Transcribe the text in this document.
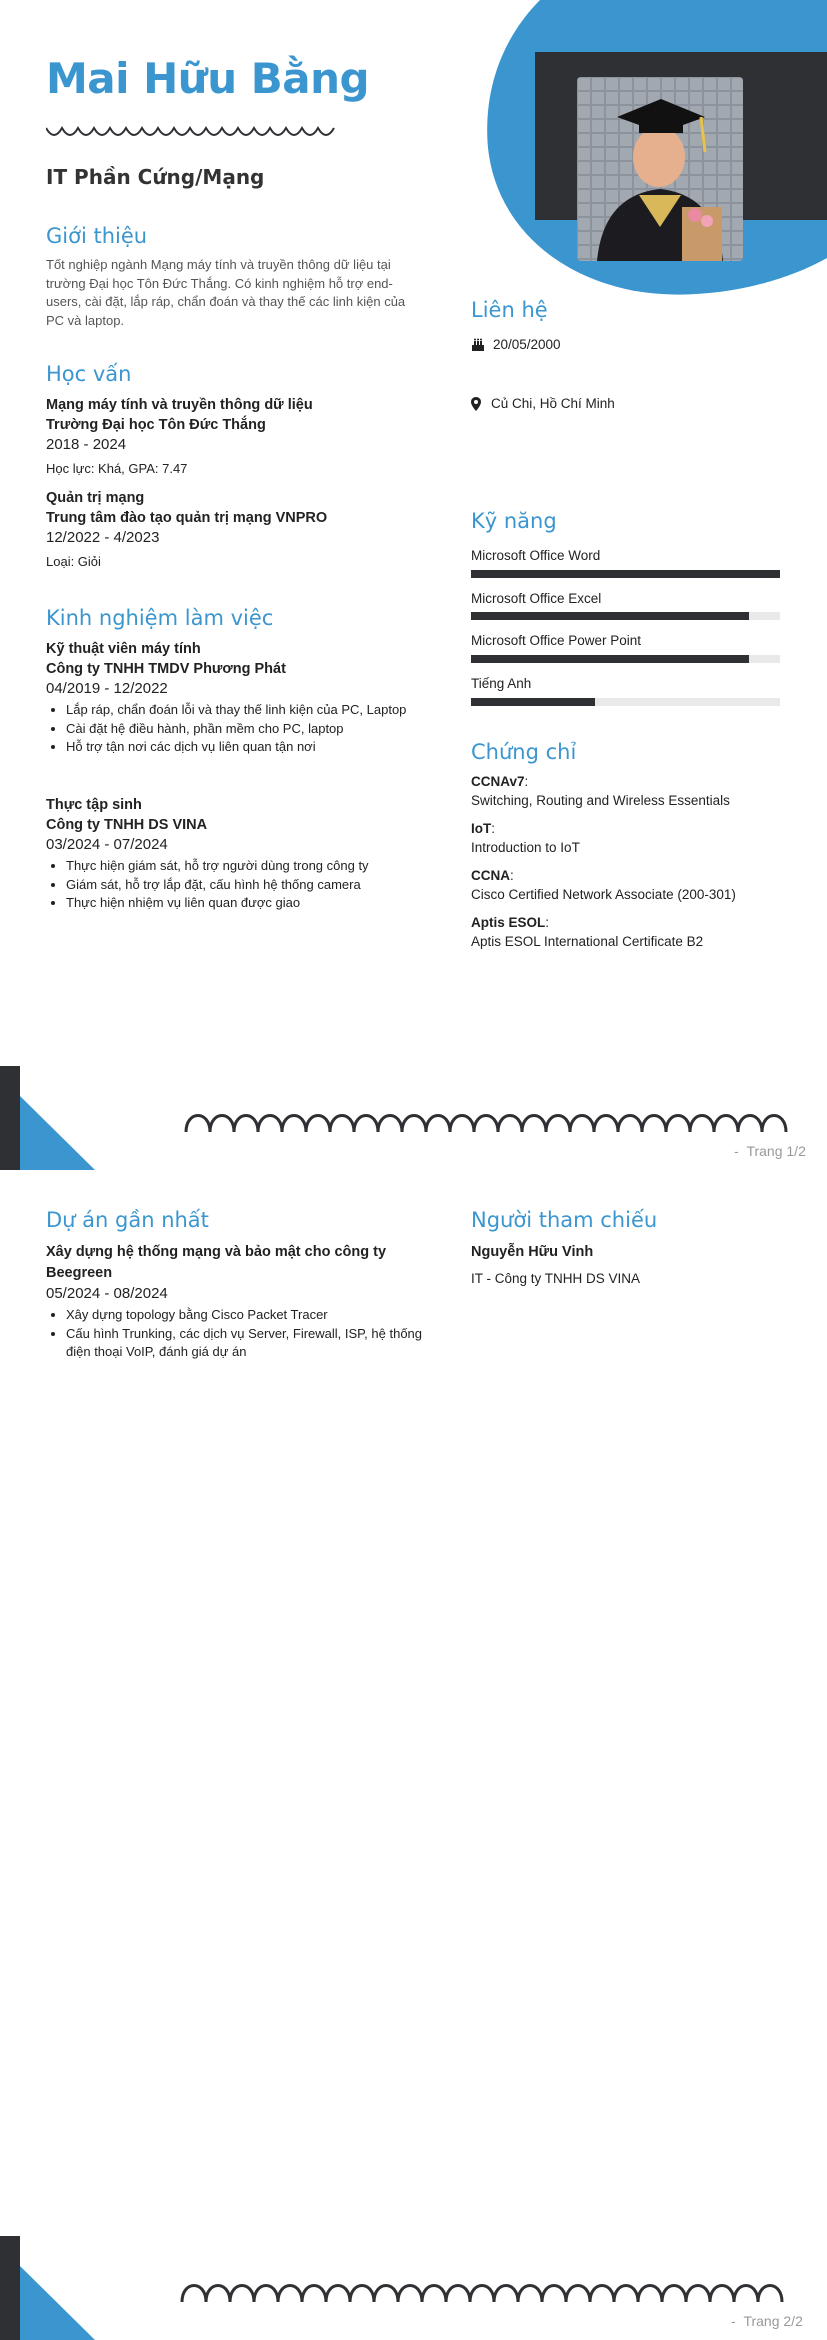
Mai Hữu Bằng
IT Phần Cứng/Mạng
Giới thiệu
Tốt nghiệp ngành Mạng máy tính và truyền thông dữ liệu tại trường Đại học Tôn Đức Thắng. Có kinh nghiệm hỗ trợ end-users, cài đặt, lắp ráp, chẩn đoán và thay thế các linh kiện của PC và laptop.
Học vấn
Mạng máy tính và truyền thông dữ liệu
Trường Đại học Tôn Đức Thắng
2018 - 2024
Học lực: Khá, GPA: 7.47
Quản trị mạng
Trung tâm đào tạo quản trị mạng VNPRO
12/2022 - 4/2023
Loại: Giỏi
Kinh nghiệm làm việc
Kỹ thuật viên máy tính
Công ty TNHH TMDV Phương Phát
04/2019 - 12/2022
• Lắp ráp, chẩn đoán lỗi và thay thế linh kiện của PC, Laptop
• Cài đặt hệ điều hành, phần mềm cho PC, laptop
• Hỗ trợ tận nơi các dịch vụ liên quan tận nơi
Thực tập sinh
Công ty TNHH DS VINA
03/2024 - 07/2024
• Thực hiện giám sát, hỗ trợ người dùng trong công ty
• Giám sát, hỗ trợ lắp đặt, cấu hình hệ thống camera
• Thực hiện nhiệm vụ liên quan được giao
Liên hệ
20/05/2000
Củ Chi, Hồ Chí Minh
Kỹ năng
Microsoft Office Word
Microsoft Office Excel
Microsoft Office Power Point
Tiếng Anh
Chứng chỉ
CCNAv7:
Switching, Routing and Wireless Essentials
IoT:
Introduction to IoT
CCNA:
Cisco Certified Network Associate (200-301)
Aptis ESOL:
Aptis ESOL International Certificate B2
- Trang 1/2
Dự án gần nhất
Xây dựng hệ thống mạng và bảo mật cho công ty Beegreen
05/2024 - 08/2024
• Xây dựng topology bằng Cisco Packet Tracer
• Cấu hình Trunking, các dịch vụ Server, Firewall, ISP, hệ thống điện thoại VoIP, đánh giá dự án
Người tham chiếu
Nguyễn Hữu Vinh
IT - Công ty TNHH DS VINA
- Trang 2/2
